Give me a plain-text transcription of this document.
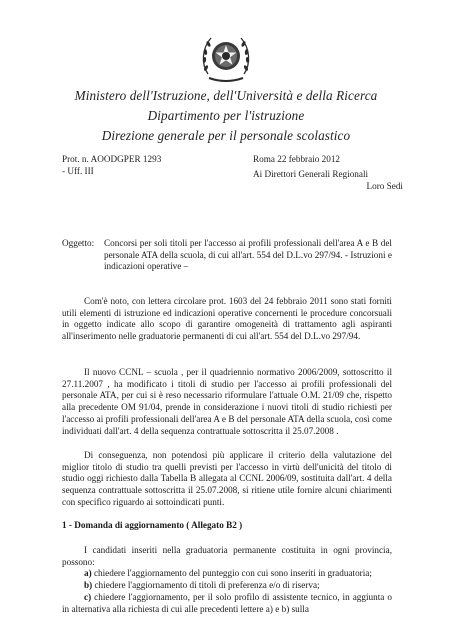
Ministero dell'Istruzione, dell'Università e della Ricerca
Dipartimento per l'istruzione
Direzione generale per il personale scolastico
Prot. n. AOODGPER 1293
- Uff. III
Roma 22 febbraio 2012
Ai Direttori Generali Regionali
Loro Sedi
Oggetto: Concorsi per soli titoli per l'accesso ai profili professionali dell'area A e B del personale ATA della scuola, di cui all'art. 554 del D.L.vo 297/94. - Istruzioni e indicazioni operative –
Com'è noto, con lettera circolare prot. 1603 del 24 febbraio 2011 sono stati forniti utili elementi di istruzione ed indicazioni operative concernenti le procedure concorsuali in oggetto indicate allo scopo di garantire omogeneità di trattamento agli aspiranti all'inserimento nelle graduatorie permanenti di cui all'art. 554 del D.L.vo 297/94.
Il nuovo CCNL – scuola , per il quadriennio normativo 2006/2009, sottoscritto il 27.11.2007 , ha modificato i titoli di studio per l'accesso ai profili professionali del personale ATA, per cui si è reso necessario riformulare l'attuale O.M. 21/09 che, rispetto alla precedente OM 91/04, prende in considerazione i nuovi titoli di studio richiesti per l'accesso ai profili professionali dell'area A e B del personale ATA della scuola, così come individuati dall'art. 4 della sequenza contrattuale sottoscritta il 25.07.2008 .
Di conseguenza, non potendosi più applicare il criterio della valutazione del miglior titolo di studio tra quelli previsti per l'accesso in virtù dell'unicità del titolo di studio oggi richiesto dalla Tabella B allegata al CCNL 2006/09, sostituita dall'art. 4 della sequenza contrattuale sottoscritta il 25.07.2008, si ritiene utile fornire alcuni chiarimenti con specifico riguardo ai sottoindicati punti.
1 - Domanda di aggiornamento ( Allegato B2 )
I candidati inseriti nella graduatoria permanente costituita in ogni provincia, possono:
a) chiedere l'aggiornamento del punteggio con cui sono inseriti in graduatoria;
b) chiedere l'aggiornamento di titoli di preferenza e/o di riserva;
c) chiedere l'aggiornamento, per il solo profilo di assistente tecnico, in aggiunta o in alternativa alla richiesta di cui alle precedenti lettere a) e b) sulla
